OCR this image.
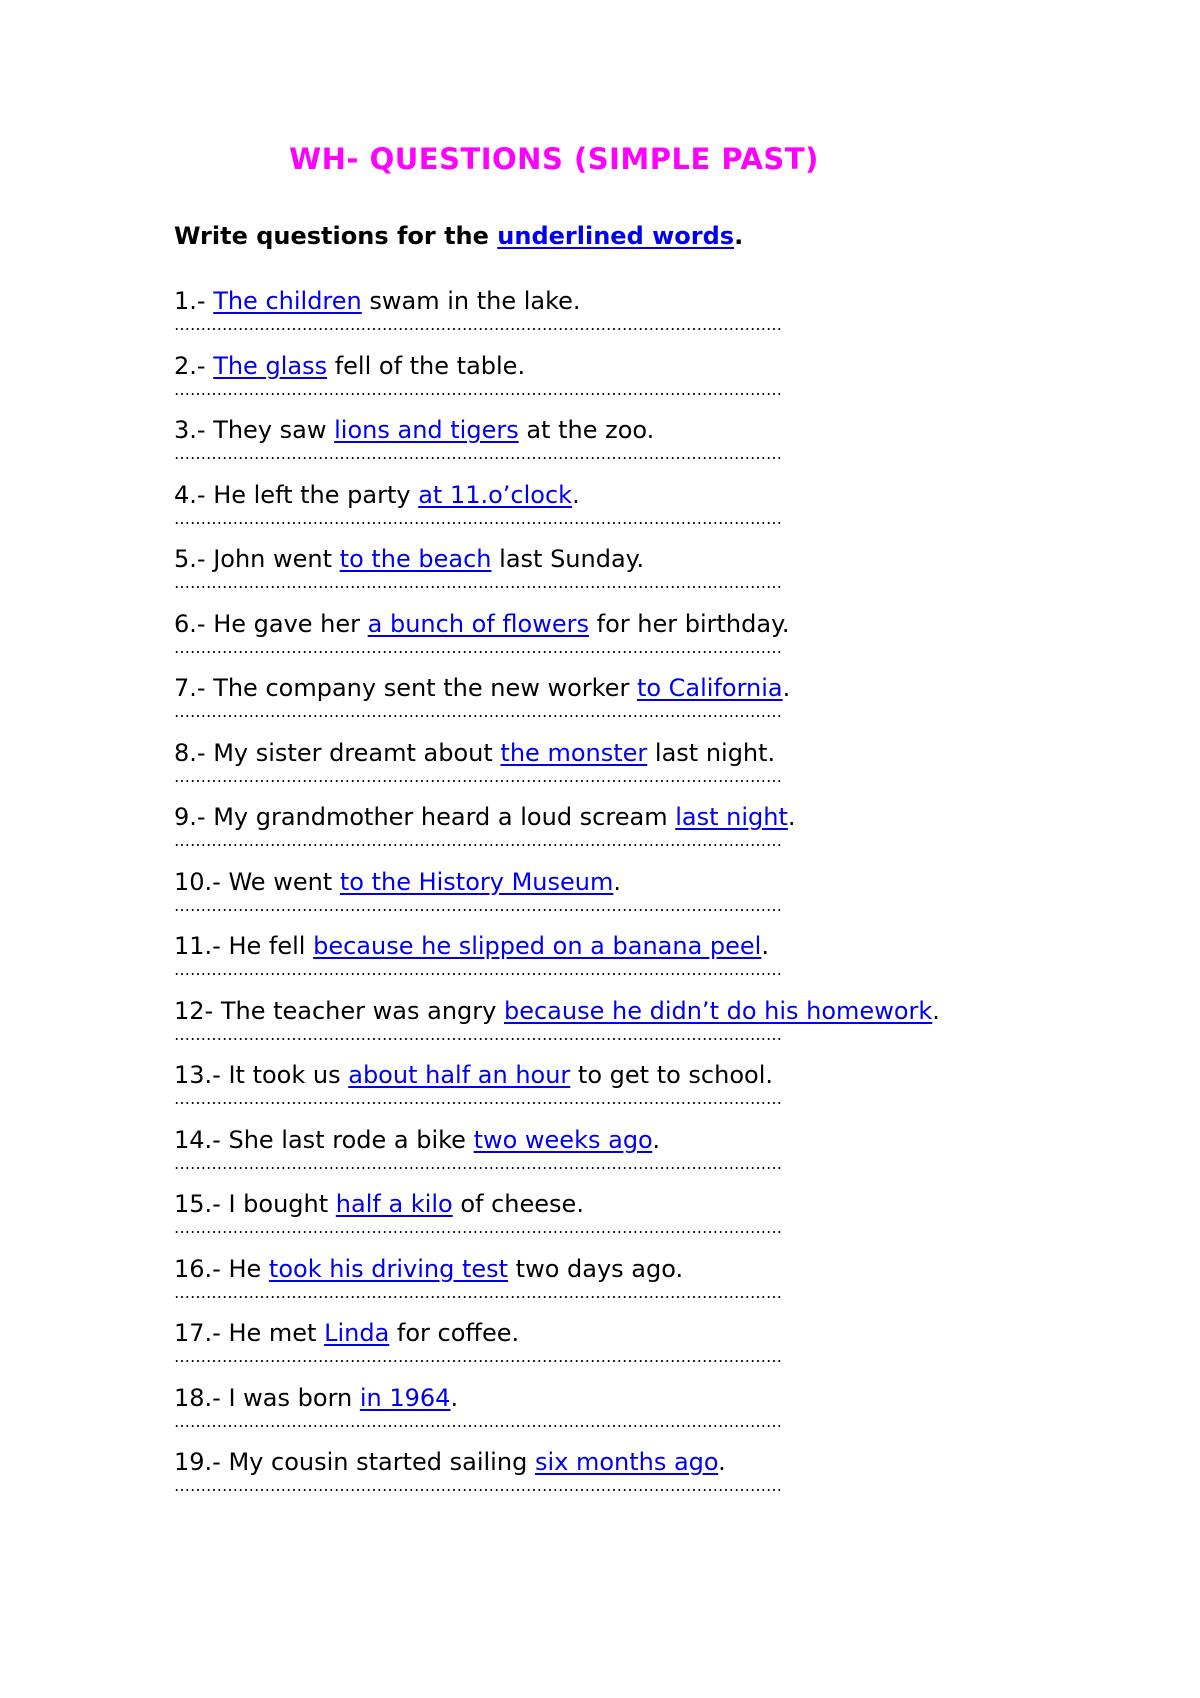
WH- QUESTIONS (SIMPLE PAST)
Write questions for the underlined words.
1.- The children swam in the lake.
……………………………………………………………………………………………………
2.- The glass fell of the table.
……………………………………………………………………………………………………
3.- They saw lions and tigers at the zoo.
……………………………………………………………………………………………………
4.- He left the party at 11.o’clock.
……………………………………………………………………………………………………
5.- John went to the beach last Sunday.
……………………………………………………………………………………………………
6.- He gave her a bunch of flowers for her birthday.
……………………………………………………………………………………………………
7.- The company sent the new worker to California.
……………………………………………………………………………………………………
8.- My sister dreamt about the monster last night.
……………………………………………………………………………………………………
9.- My grandmother heard a loud scream last night.
……………………………………………………………………………………………………
10.- We went to the History Museum.
……………………………………………………………………………………………………
11.- He fell because he slipped on a banana peel.
……………………………………………………………………………………………………
12- The teacher was angry because he didn’t do his homework.
……………………………………………………………………………………………………
13.- It took us about half an hour to get to school.
……………………………………………………………………………………………………
14.- She last rode a bike two weeks ago.
……………………………………………………………………………………………………
15.- I bought half a kilo of cheese.
……………………………………………………………………………………………………
16.- He took his driving test two days ago.
……………………………………………………………………………………………………
17.- He met Linda for coffee.
……………………………………………………………………………………………………
18.- I was born in 1964.
……………………………………………………………………………………………………
19.- My cousin started sailing six months ago.
……………………………………………………………………………………………………
